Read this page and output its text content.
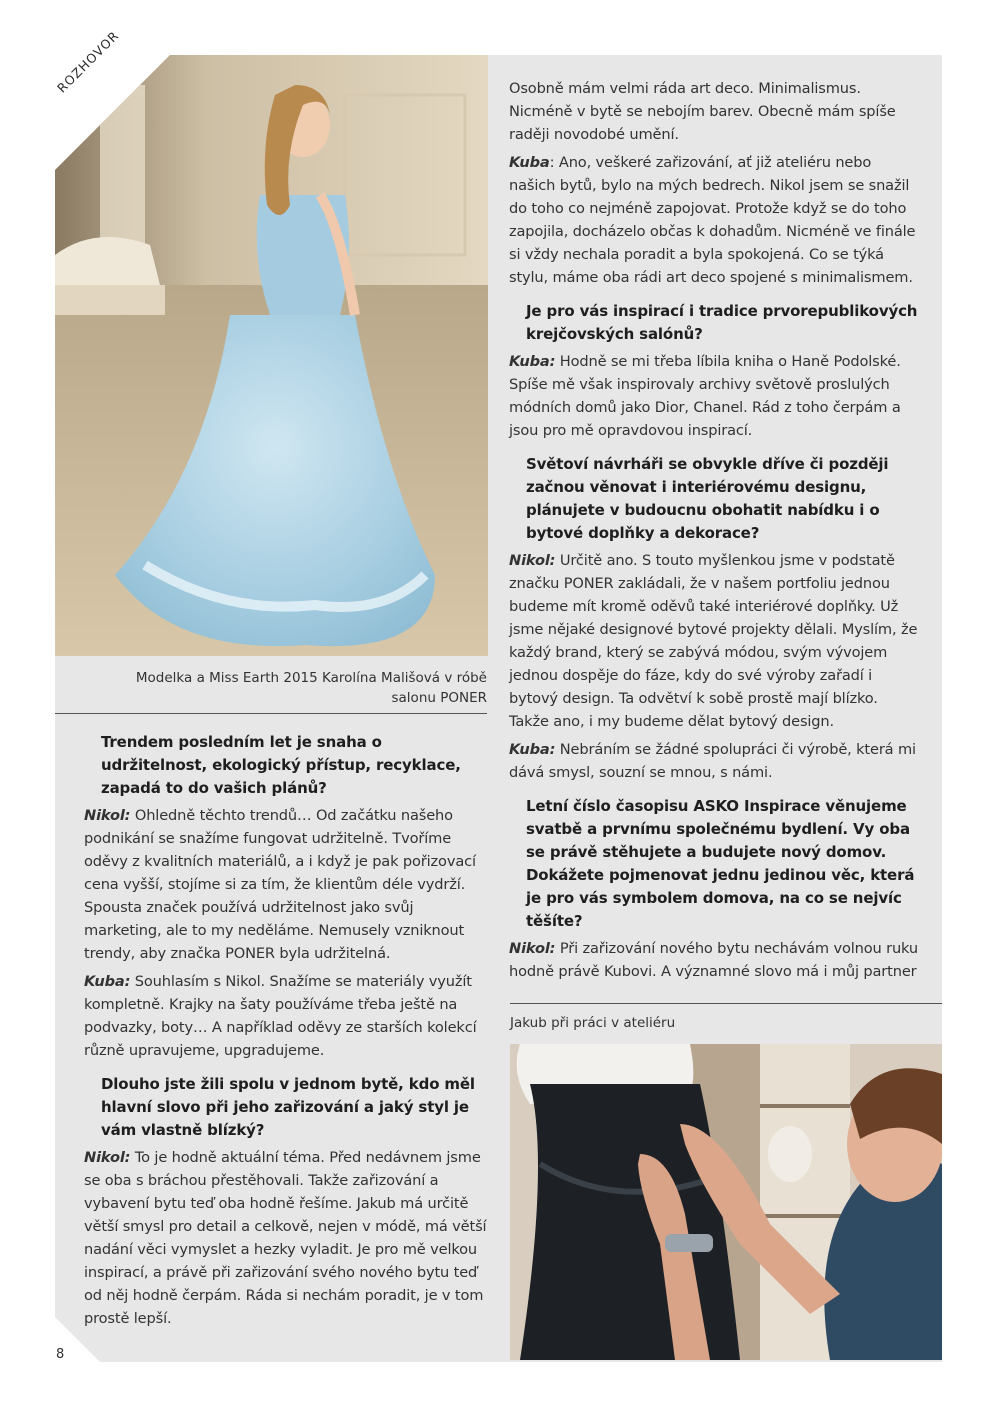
ROZHOVOR
Modelka a Miss Earth 2015 Karolína Mališová v róbě salonu PONER
Trendem posledním let je snaha o udržitelnost, ekologický přístup, recyklace, zapadá to do vašich plánů?
Nikol: Ohledně těchto trendů… Od začátku našeho podnikání se snažíme fungovat udržitelně. Tvoříme oděvy z kvalitních materiálů, a i když je pak pořizovací cena vyšší, stojíme si za tím, že klientům déle vydrží. Spousta značek používá udržitelnost jako svůj marketing, ale to my neděláme. Nemusely vzniknout trendy, aby značka PONER byla udržitelná.
Kuba: Souhlasím s Nikol. Snažíme se materiály využít kompletně. Krajky na šaty používáme třeba ještě na podvazky, boty… A například oděvy ze starších kolekcí různě upravujeme, upgradujeme.
Dlouho jste žili spolu v jednom bytě, kdo měl hlavní slovo při jeho zařizování a jaký styl je vám vlastně blízký?
Nikol: To je hodně aktuální téma. Před nedávnem jsme se oba s bráchou přestěhovali. Takže zařizování a vybavení bytu teď oba hodně řešíme. Jakub má určitě větší smysl pro detail a celkově, nejen v módě, má větší nadání věci vymyslet a hezky vyladit. Je pro mě velkou inspirací, a právě při zařizování svého nového bytu teď od něj hodně čerpám. Ráda si nechám poradit, je v tom prostě lepší.
Osobně mám velmi ráda art deco. Minimalismus. Nicméně v bytě se nebojím barev. Obecně mám spíše raději novodobé umění.
Kuba: Ano, veškeré zařizování, ať již ateliéru nebo našich bytů, bylo na mých bedrech. Nikol jsem se snažil do toho co nejméně zapojovat. Protože když se do toho zapojila, docházelo občas k dohadům. Nicméně ve finále si vždy nechala poradit a byla spokojená. Co se týká stylu, máme oba rádi art deco spojené s minimalismem.
Je pro vás inspirací i tradice prvorepublikových krejčovských salónů?
Kuba: Hodně se mi třeba líbila kniha o Haně Podolské. Spíše mě však inspirovaly archivy světově proslulých módních domů jako Dior, Chanel. Rád z toho čerpám a jsou pro mě opravdovou inspirací.
Světoví návrháři se obvykle dříve či později začnou věnovat i interiérovému designu, plánujete v budoucnu obohatit nabídku i o bytové doplňky a dekorace?
Nikol: Určitě ano. S touto myšlenkou jsme v podstatě značku PONER zakládali, že v našem portfoliu jednou budeme mít kromě oděvů také interiérové doplňky. Už jsme nějaké designové bytové projekty dělali. Myslím, že každý brand, který se zabývá módou, svým vývojem jednou dospěje do fáze, kdy do své výroby zařadí i bytový design. Ta odvětví k sobě prostě mají blízko. Takže ano, i my budeme dělat bytový design.
Kuba: Nebráním se žádné spolupráci či výrobě, která mi dává smysl, souzní se mnou, s námi.
Letní číslo časopisu ASKO Inspirace věnujeme svatbě a prvnímu společnému bydlení. Vy oba se právě stěhujete a budujete nový domov. Dokážete pojmenovat jednu jedinou věc, která je pro vás symbolem domova, na co se nejvíc těšíte?
Nikol: Při zařizování nového bytu nechávám volnou ruku hodně právě Kubovi. A významné slovo má i můj partner
Jakub při práci v ateliéru
8
